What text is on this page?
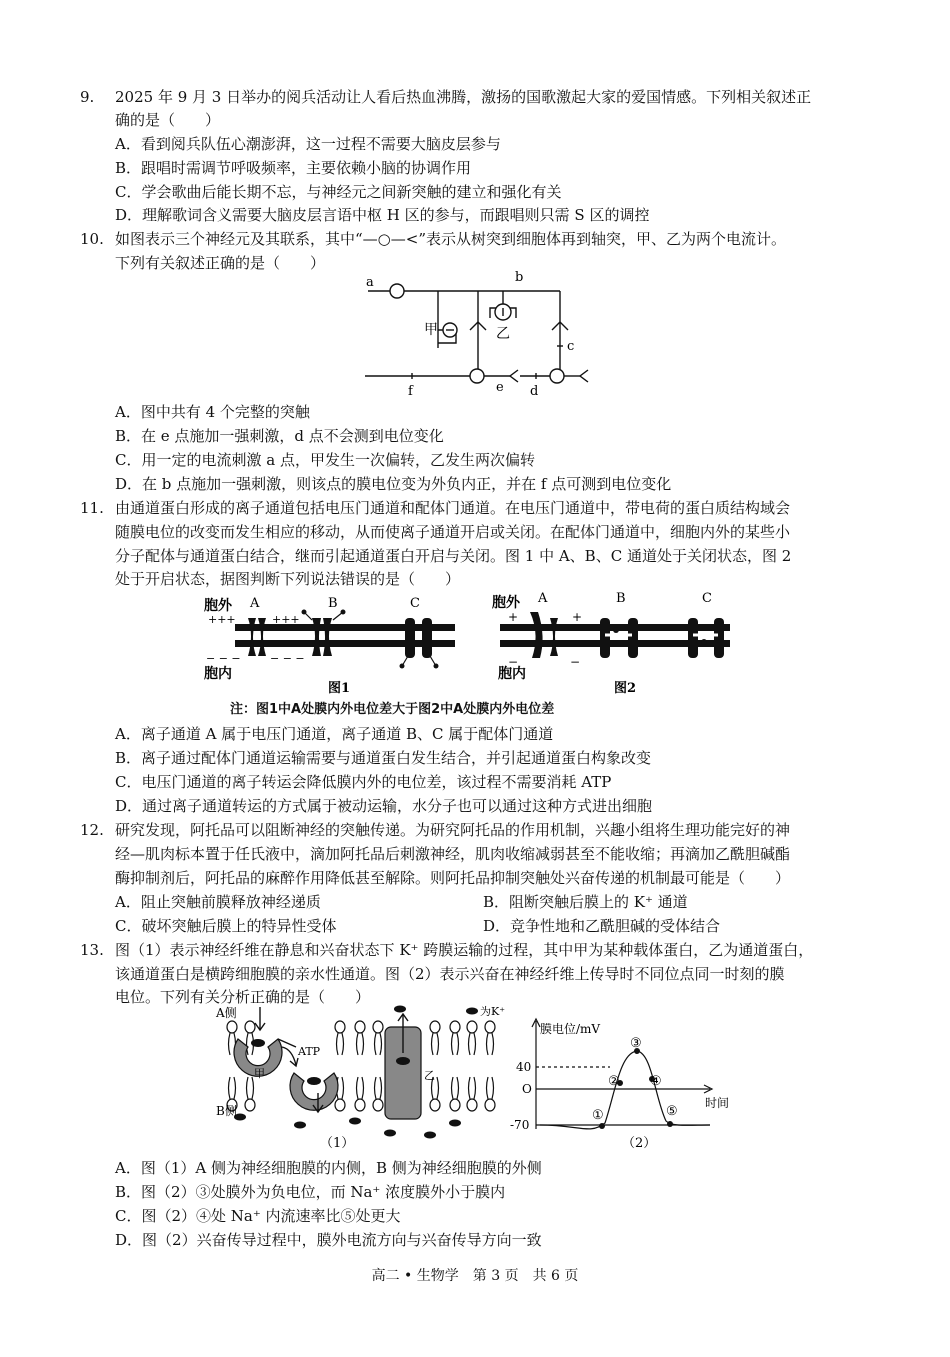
9. 2025 年 9 月 3 日举办的阅兵活动让人看后热血沸腾，激扬的国歌激起大家的爱国情感。下列相关叙述正
确的是（　　）
A．看到阅兵队伍心潮澎湃，这一过程不需要大脑皮层参与
B．跟唱时需调节呼吸频率，主要依赖小脑的协调作用
C．学会歌曲后能长期不忘，与神经元之间新突触的建立和强化有关
D．理解歌词含义需要大脑皮层言语中枢 H 区的参与，而跟唱则只需 S 区的调控
10. 如图表示三个神经元及其联系，其中“—○—<”表示从树突到细胞体再到轴突，甲、乙为两个电流计。
下列有关叙述正确的是（　　）
a	b
c
d
e
f
甲	乙
A．图中共有 4 个完整的突触
B．在 e 点施加一强刺激，d 点不会测到电位变化
C．用一定的电流刺激 a 点，甲发生一次偏转，乙发生两次偏转
D．在 b 点施加一强刺激，则该点的膜电位变为外负内正，并在 f 点可测到电位变化
11. 由通道蛋白形成的离子通道包括电压门通道和配体门通道。在电压门通道中，带电荷的蛋白质结构域会
随膜电位的改变而发生相应的移动，从而使离子通道开启或关闭。在配体门通道中，细胞内外的某些小
分子配体与通道蛋白结合，继而引起通道蛋白开启与关闭。图 1 中 A、B、C 通道处于关闭状态，图 2
处于开启状态，据图判断下列说法错误的是（　　）
胞外
胞内
A	B	C
+++	+++
− − −	− − −
图1
胞外
胞内
A	B	C
+	+
−	−
图2
注：图1中A处膜内外电位差大于图2中A处膜内外电位差
A．离子通道 A 属于电压门通道，离子通道 B、C 属于配体门通道
B．离子通过配体门通道运输需要与通道蛋白发生结合，并引起通道蛋白构象改变
C．电压门通道的离子转运会降低膜内外的电位差，该过程不需要消耗 ATP
D．通过离子通道转运的方式属于被动运输，水分子也可以通过这种方式进出细胞
12. 研究发现，阿托品可以阻断神经的突触传递。为研究阿托品的作用机制，兴趣小组将生理功能完好的神
经—肌肉标本置于任氏液中，滴加阿托品后刺激神经，肌肉收缩减弱甚至不能收缩；再滴加乙酰胆碱酯
酶抑制剂后，阿托品的麻醉作用降低甚至解除。则阿托品抑制突触处兴奋传递的机制最可能是（　　）
A．阻止突触前膜释放神经递质	B．阻断突触后膜上的 K⁺ 通道
C．破坏突触后膜上的特异性受体	D．竞争性地和乙酰胆碱的受体结合
13. 图（1）表示神经纤维在静息和兴奋状态下 K⁺ 跨膜运输的过程，其中甲为某种载体蛋白，乙为通道蛋白，
该通道蛋白是横跨细胞膜的亲水性通道。图（2）表示兴奋在神经纤维上传导时不同位点同一时刻的膜
电位。下列有关分析正确的是（　　）
A侧
B侧
ATP
甲	乙
为K⁺
（1）
膜电位/mV
时间
40
O
-70
①
②
③
④
⑤
（2）
A．图（1）A 侧为神经细胞膜的内侧，B 侧为神经细胞膜的外侧
B．图（2）③处膜外为负电位，而 Na⁺ 浓度膜外小于膜内
C．图（2）④处 Na⁺ 内流速率比⑤处更大
D．图（2）兴奋传导过程中，膜外电流方向与兴奋传导方向一致
高二 • 生物学　第 3 页　共 6 页
